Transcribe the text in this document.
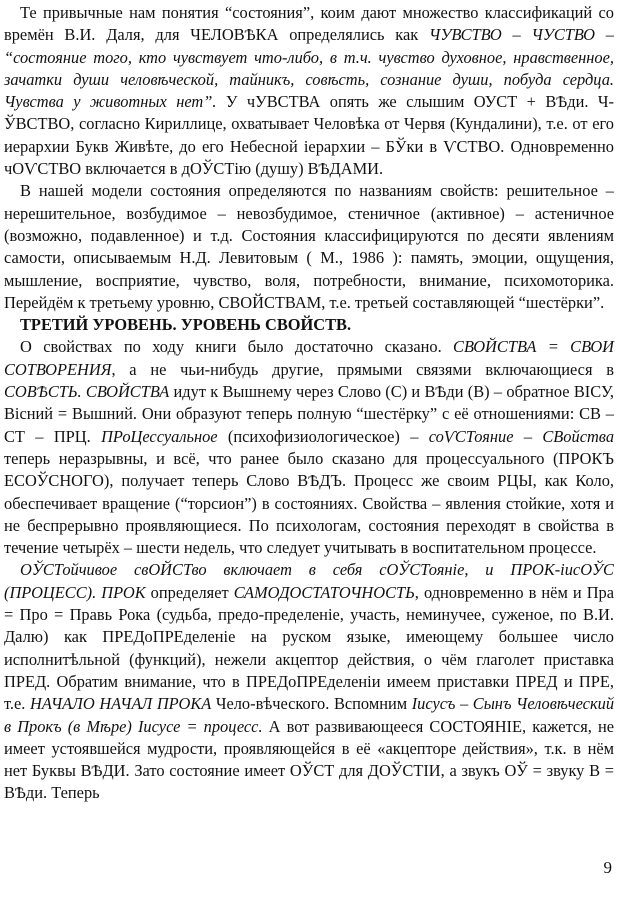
Те привычные нам понятия “состояния”, коим дают множество классификаций со времён В.И. Даля, для ЧЕЛОВѢКА определялись как ЧУВСТВО – ЧУСТВО – “состояние того, кто чувствует что-либо, в т.ч. чувство духовное, нравственное, зачатки души человѣческой, тайникъ, совѣсть, сознание души, побуда сердца. Чувства у животных нет”. У чУВСТВА опять же слышим ОУСТ + ВѢди. Ч-ЎВСТВО, согласно Кириллице, охватывает Человѣка от Червя (Кундалини), т.е. от его иерархии Букв Живѣте, до его Небесной iерархии – БЎки в ѴСТВО. Одновременно чОѴСТВО включается в дОЎСТiю (душу) ВѢДАМИ.

В нашей модели состояния определяются по названиям свойств: решительное – нерешительное, возбудимое – невозбудимое, стеничное (активное) – астеничное (возможно, подавленное) и т.д. Состояния классифицируются по десяти явлениям самости, описываемым Н.Д. Левитовым ( М., 1986 ): память, эмоции, ощущения, мышление, восприятие, чувство, воля, потребности, внимание, психомоторика. Перейдём к третьему уровню, СВОЙСТВАМ, т.е. третьей составляющей “шестёрки”.

ТРЕТИЙ УРОВЕНЬ. УРОВЕНЬ СВОЙСТВ.

О свойствах по ходу книги было достаточно сказано. СВОЙСТВА = СВОИ СОТВОРЕНИЯ, а не чьи-нибудь другие, прямыми связями включающиеся в СОВѢСТЬ. СВОЙСТВА идут к Вышнему через Слово (С) и ВѢди (В) – обратное ВIСУ, Вiсний = Вышний. Они образуют теперь полную “шестёрку” с её отношениями: СВ – СТ – ПРЦ. ПРоЦессуальное (психофизиологическое) – соѴСТояние – СВойства теперь неразрывны, и всё, что ранее было сказано для процессуального (ПРОКЪ ЕСОЎСНОГО), получает теперь Слово ВѢДЪ. Процесс же своим РЦЫ, как Коло, обеспечивает вращение (“торсион”) в состояниях. Свойства – явления стойкие, хотя и не беспрерывно проявляющиеся. По психологам, состояния переходят в свойства в течение четырёх – шести недель, что следует учитывать в воспитательном процессе.

ОЎСТойчивое свОЙСТво включает в себя сОЎСТоянiе, и ПРОК-iисОЎС (ПРОЦЕСС). ПРОК определяет САМОДОСТАТОЧНОСТЬ, одновременно в нём и Пра = Про = Правь Рока (судьба, предо-пределенiе, участь, неминучее, суженое, по В.И. Далю) как ПРЕДоПРЕделенiе на руском языке, имеющему большее число исполнитѣльной (функций), нежели акцептор действия, о чём глаголет приставка ПРЕД. Обратим внимание, что в ПРЕДоПРЕделенiи имеем приставки ПРЕД и ПРЕ, т.е. НАЧАЛО НАЧАЛ ПРОКА Чело-вѣческого. Вспомним Iисусъ – Сынъ Человѣческий в Прокъ (в Мѣре) Iисусе = процесс. А вот развивающееся СОСТОЯНIЕ, кажется, не имеет устоявшейся мудрости, проявляющейся в её «акцепторе действия», т.к. в нём нет Буквы ВѢДИ. Зато состояние имеет ОЎСТ для ДОЎСТIИ, а звукъ ОЎ = звуку В = ВѢди. Теперь

9
